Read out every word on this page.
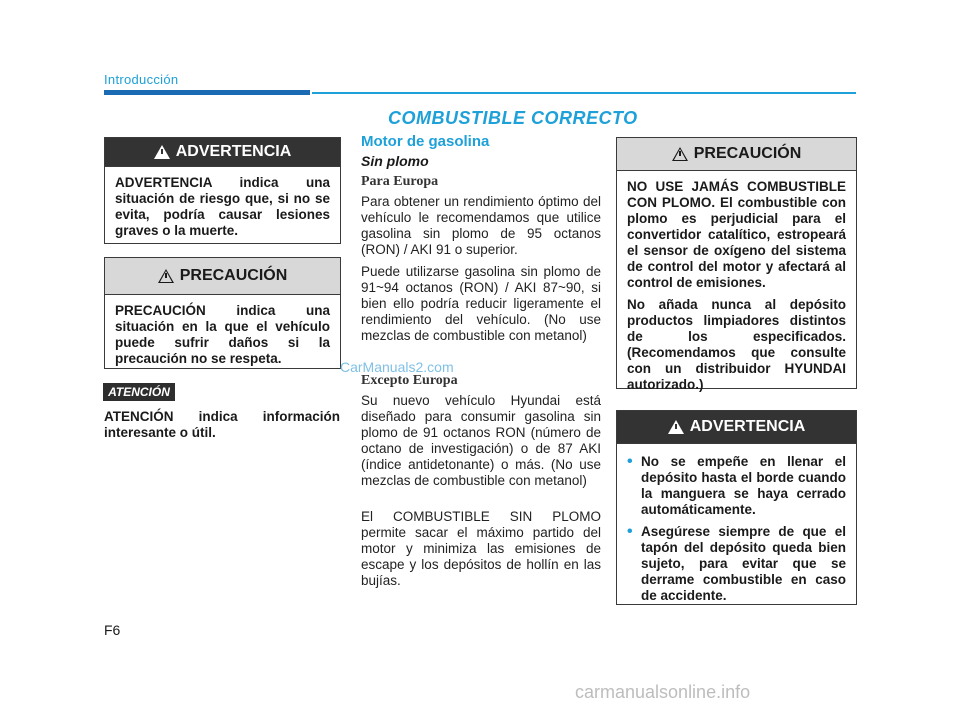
Introducción
ADVERTENCIA

ADVERTENCIA indica una situación de riesgo que, si no se evita, podría causar lesiones graves o la muerte.

PRECAUCIÓN

PRECAUCIÓN indica una situación en la que el vehículo puede sufrir daños si la precaución no se respeta.

CarManuals2.com
ATENCIÓN
ATENCIÓN indica información interesante o útil.
COMBUSTIBLE CORRECTO
Motor de gasolina
Sin plomo
Para Europa

Para obtener un rendimiento óptimo del vehículo le recomendamos que utilice gasolina sin plomo de 95 octanos (RON) / AKI 91 o superior.

Puede utilizarse gasolina sin plomo de 91~94 octanos (RON) / AKI 87~90, si bien ello podría reducir ligeramente el rendimiento del vehículo. (No use mezclas de combustible con metanol)

Excepto Europa

Su nuevo vehículo Hyundai está diseñado para consumir gasolina sin plomo de 91 octanos RON (número de octano de investigación) o de 87 AKI (índice antidetonante) o más. (No use mezclas de combustible con metanol)

El COMBUSTIBLE SIN PLOMO permite sacar el máximo partido del motor y minimiza las emisiones de escape y los depósitos de hollín en las bujías.

PRECAUCIÓN

NO USE JAMÁS COMBUSTIBLE CON PLOMO. El combustible con plomo es perjudicial para el convertidor catalítico, estropeará el sensor de oxígeno del sistema de control del motor y afectará al control de emisiones.

No añada nunca al depósito productos limpiadores distintos de los especificados. (Recomendamos que consulte con un distribuidor HYUNDAI autorizado.)

ADVERTENCIA
• No se empeñe en llenar el depósito hasta el borde cuando la manguera se haya cerrado automáticamente.
• Asegúrese siempre de que el tapón del depósito queda bien sujeto, para evitar que se derrame combustible en caso de accidente.
F6
carmanualsonline.info
